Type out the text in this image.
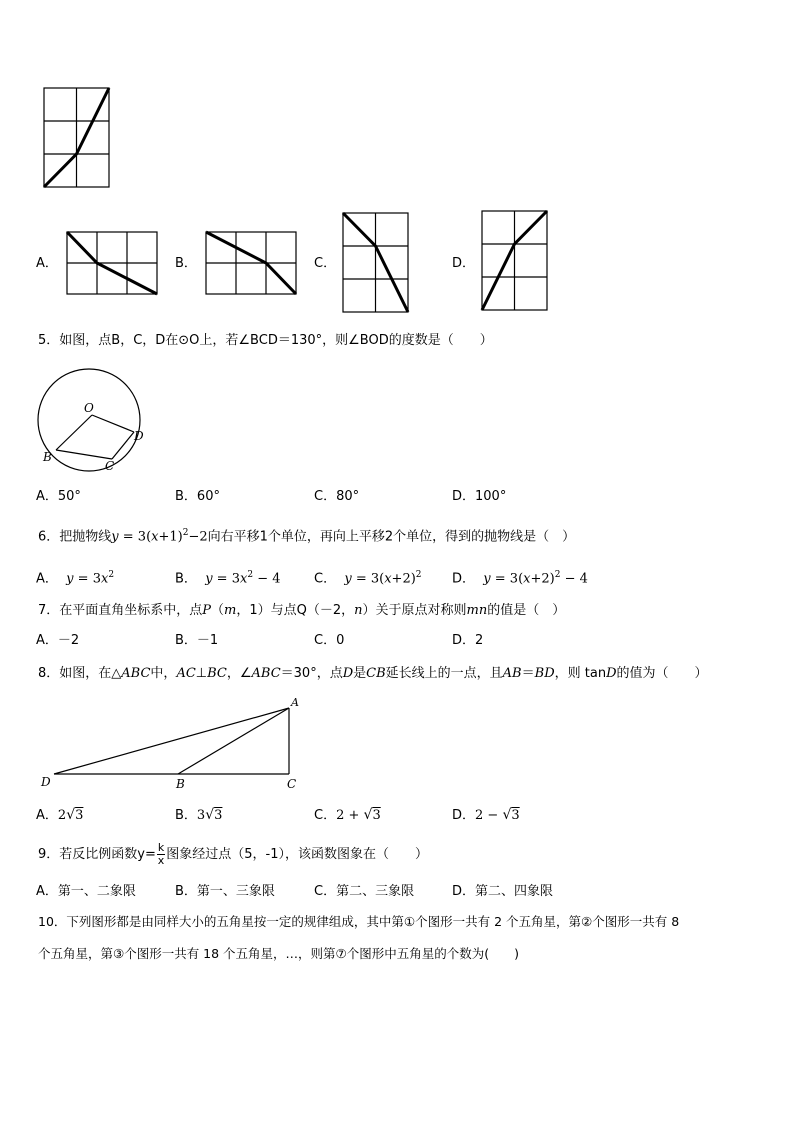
A．	B．	C．	D．
5．如图，点B，C，D在⊙O上，若∠BCD＝130°，则∠BOD的度数是（　　）
O
D
B
C
A．50°	B．60°	C．80°	D．100°
6．把抛物线$y = 3(x+1)^2-2$向右平移1个单位，再向上平移2个单位，得到的抛物线是（　）
A． $y = 3x^2$	B． $y = 3x^2 - 4$	C． $y = 3(x+2)^2$ D． $y = 3(x+2)^2 - 4$
7．在平面直角坐标系中，点P（m，1）与点Q（－2，n）关于原点对称则mn的值是（　）
A．－2	B．－1	C．0	D．2
8．如图，在△ABC中，AC⊥BC，∠ABC＝30°，点D是CB延长线上的一点，且AB＝BD，则 tanD的值为（　　）
A
D	B	C
A．2√3	B．3√3	C．2 + √3	D．2 − √3
9．若反比例函数$y= \frac{k}{x}$ 图象经过点（5，-1），该函数图象在（　　）
A．第一、二象限	B．第一、三象限	C．第二、三象限	D．第二、四象限
10．下列图形都是由同样大小的五角星按一定的规律组成，其中第①个图形一共有 2 个五角星，第②个图形一共有 8
个五角星，第③个图形一共有 18 个五角星，…，则第⑦个图形中五角星的个数为(　　)
